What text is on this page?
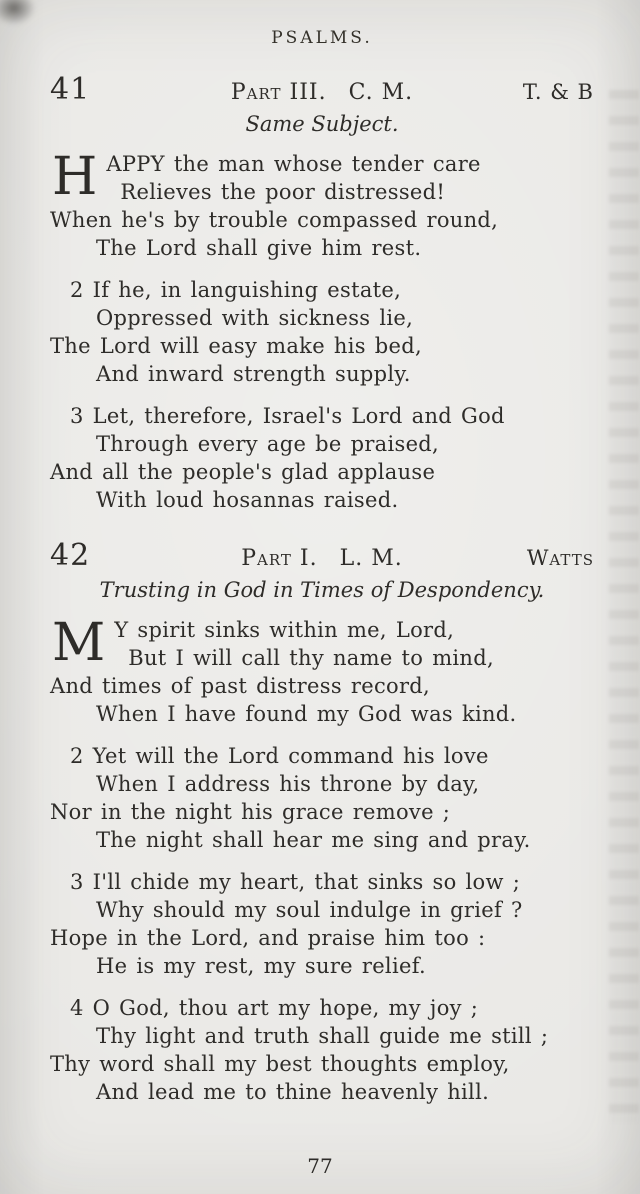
PSALMS.
41	Part III. C. M.	T. & B
Same Subject.
H APPY the man whose tender care
Relieves the poor distressed!
When he's by trouble compassed round,
The Lord shall give him rest.
2 If he, in languishing estate,
Oppressed with sickness lie,
The Lord will easy make his bed,
And inward strength supply.
3 Let, therefore, Israel's Lord and God
Through every age be praised,
And all the people's glad applause
With loud hosannas raised.
42	Part I. L. M.	Watts
Trusting in God in Times of Despondency.
M Y spirit sinks within me, Lord,
But I will call thy name to mind,
And times of past distress record,
When I have found my God was kind.
2 Yet will the Lord command his love
When I address his throne by day,
Nor in the night his grace remove ;
The night shall hear me sing and pray.
3 I'll chide my heart, that sinks so low ;
Why should my soul indulge in grief ?
Hope in the Lord, and praise him too :
He is my rest, my sure relief.
4 O God, thou art my hope, my joy ;
Thy light and truth shall guide me still ;
Thy word shall my best thoughts employ,
And lead me to thine heavenly hill.
77
